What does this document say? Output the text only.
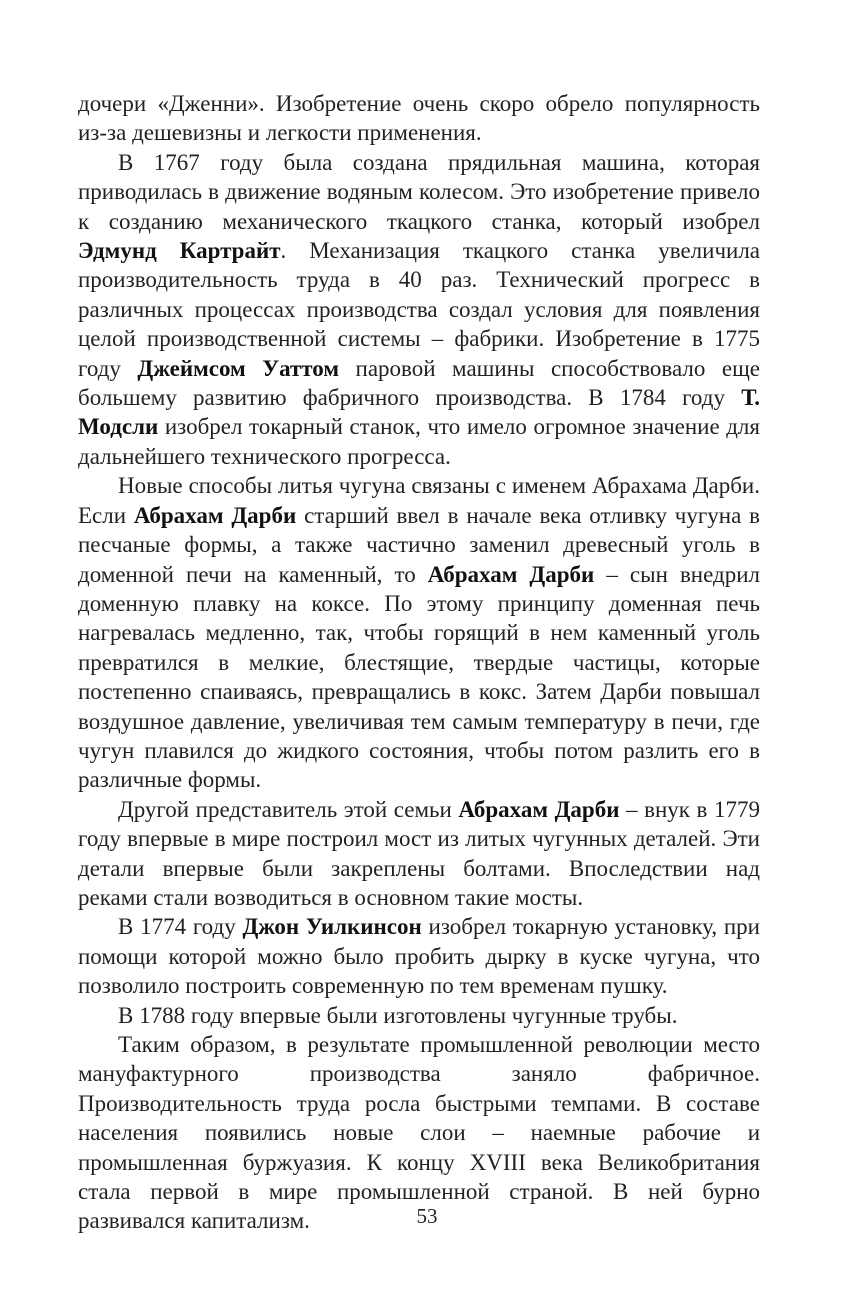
дочери «Дженни». Изобретение очень скоро обрело популярность из-за дешевизны и легкости применения.

В 1767 году была создана прядильная машина, которая приводилась в движение водяным колесом. Это изобретение привело к созданию механического ткацкого станка, который изобрел Эдмунд Картрайт. Механизация ткацкого станка увеличила производительность труда в 40 раз. Технический прогресс в различных процессах производства создал условия для появления целой производственной системы – фабрики. Изобретение в 1775 году Джеймсом Уаттом паровой машины способствовало еще большему развитию фабричного производства. В 1784 году Т. Модсли изобрел токарный станок, что имело огромное значение для дальнейшего технического прогресса.

Новые способы литья чугуна связаны с именем Абрахама Дарби. Если Абрахам Дарби старший ввел в начале века отливку чугуна в песчаные формы, а также частично заменил древесный уголь в доменной печи на каменный, то Абрахам Дарби – сын внедрил доменную плавку на коксе. По этому принципу доменная печь нагревалась медленно, так, чтобы горящий в нем каменный уголь превратился в мелкие, блестящие, твердые частицы, которые постепенно спаиваясь, превращались в кокс. Затем Дарби повышал воздушное давление, увеличивая тем самым температуру в печи, где чугун плавился до жидкого состояния, чтобы потом разлить его в различные формы.

Другой представитель этой семьи Абрахам Дарби – внук в 1779 году впервые в мире построил мост из литых чугунных деталей. Эти детали впервые были закреплены болтами. Впоследствии над реками стали возводиться в основном такие мосты.

В 1774 году Джон Уилкинсон изобрел токарную установку, при помощи которой можно было пробить дырку в куске чугуна, что позволило построить современную по тем временам пушку.

В 1788 году впервые были изготовлены чугунные трубы.

Таким образом, в результате промышленной революции место мануфактурного производства заняло фабричное. Производительность труда росла быстрыми темпами. В составе населения появились новые слои – наемные рабочие и промышленная буржуазия. К концу XVIII века Великобритания стала первой в мире промышленной страной. В ней бурно развивался капитализм.	53
